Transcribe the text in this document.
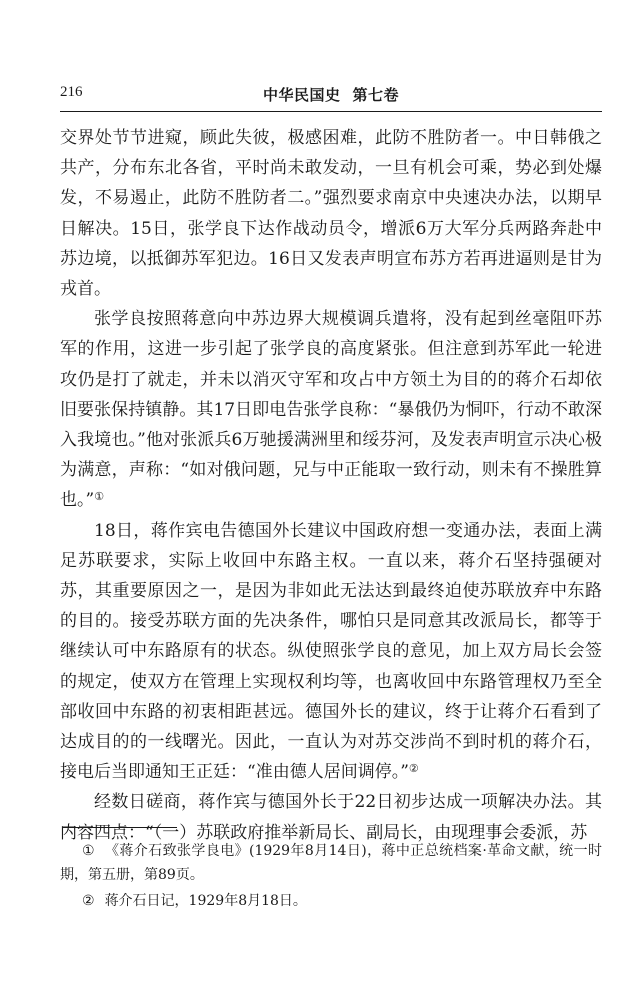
216	中华民国史 第七卷

交界处节节进窥，顾此失彼，极感困难，此防不胜防者一。中日韩俄之共产，分布东北各省，平时尚未敢发动，一旦有机会可乘，势必到处爆发，不易遏止，此防不胜防者二。”强烈要求南京中央速决办法，以期早日解决。15日，张学良下达作战动员令，增派6万大军分兵两路奔赴中苏边境，以抵御苏军犯边。16日又发表声明宣布苏方若再进逼则是甘为戎首。

张学良按照蒋意向中苏边界大规模调兵遣将，没有起到丝毫阻吓苏军的作用，这进一步引起了张学良的高度紧张。但注意到苏军此一轮进攻仍是打了就走，并未以消灭守军和攻占中方领土为目的的蒋介石却依旧要张保持镇静。其17日即电告张学良称：“暴俄仍为恫吓，行动不敢深入我境也。”他对张派兵6万驰援满洲里和绥芬河，及发表声明宣示决心极为满意，声称：“如对俄问题，兄与中正能取一致行动，则未有不操胜算也。”①

18日，蒋作宾电告德国外长建议中国政府想一变通办法，表面上满足苏联要求，实际上收回中东路主权。一直以来，蒋介石坚持强硬对苏，其重要原因之一，是因为非如此无法达到最终迫使苏联放弃中东路的目的。接受苏联方面的先决条件，哪怕只是同意其改派局长，都等于继续认可中东路原有的状态。纵使照张学良的意见，加上双方局长会签的规定，使双方在管理上实现权利均等，也离收回中东路管理权乃至全部收回中东路的初衷相距甚远。德国外长的建议，终于让蒋介石看到了达成目的的一线曙光。因此，一直认为对苏交涉尚不到时机的蒋介石，接电后当即通知王正廷：“准由德人居间调停。”②

经数日磋商，蒋作宾与德国外长于22日初步达成一项解决办法。其内容四点：“（一）苏联政府推举新局长、副局长，由现理事会委派，苏

① 《蒋介石致张学良电》(1929年8月14日)，蒋中正总统档案·革命文献，统一时期，第五册，第89页。

② 蒋介石日记，1929年8月18日。
